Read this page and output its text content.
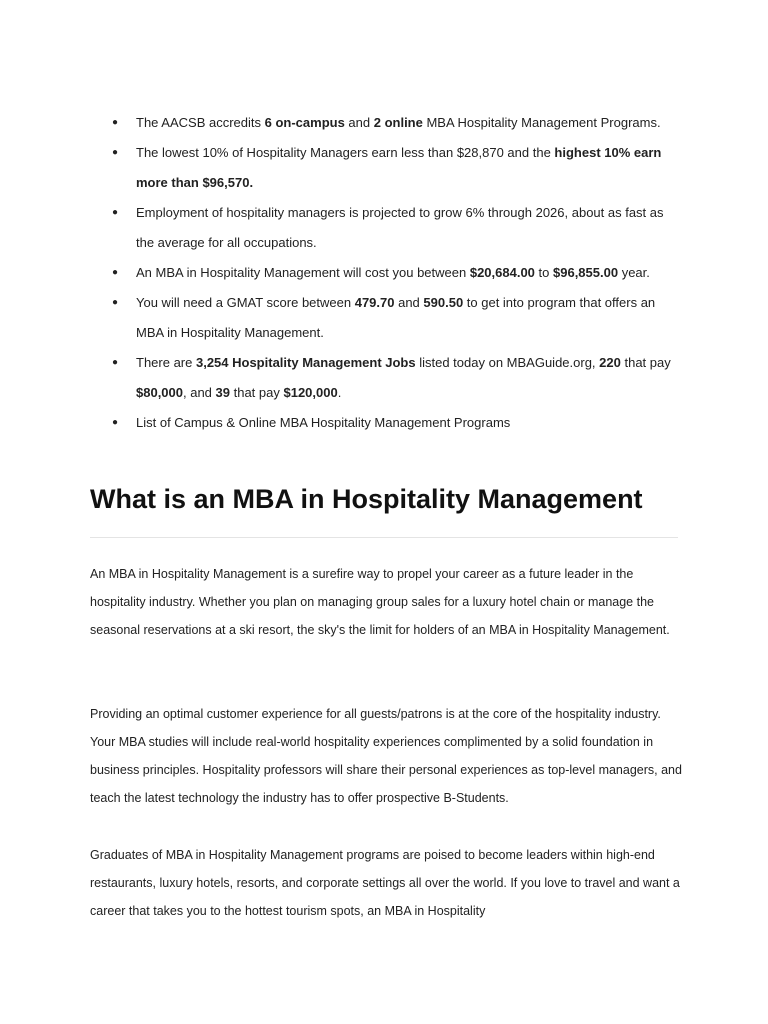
● The AACSB accredits 6 on-campus and 2 online MBA Hospitality Management Programs.
● The lowest 10% of Hospitality Managers earn less than $28,870 and the highest 10% earn more than $96,570.
● Employment of hospitality managers is projected to grow 6% through 2026, about as fast as the average for all occupations.
● An MBA in Hospitality Management will cost you between $20,684.00 to $96,855.00 year.
● You will need a GMAT score between 479.70 and 590.50 to get into program that offers an MBA in Hospitality Management.
● There are 3,254 Hospitality Management Jobs listed today on MBAGuide.org, 220 that pay $80,000, and 39 that pay $120,000.
● List of Campus & Online MBA Hospitality Management Programs
What is an MBA in Hospitality Management

An MBA in Hospitality Management is a surefire way to propel your career as a future leader in the hospitality industry. Whether you plan on managing group sales for a luxury hotel chain or manage the seasonal reservations at a ski resort, the sky's the limit for holders of an MBA in Hospitality Management.

Providing an optimal customer experience for all guests/patrons is at the core of the hospitality industry. Your MBA studies will include real-world hospitality experiences complimented by a solid foundation in business principles. Hospitality professors will share their personal experiences as top-level managers, and teach the latest technology the industry has to offer prospective B-Students.

Graduates of MBA in Hospitality Management programs are poised to become leaders within high-end restaurants, luxury hotels, resorts, and corporate settings all over the world. If you love to travel and want a career that takes you to the hottest tourism spots, an MBA in Hospitality
